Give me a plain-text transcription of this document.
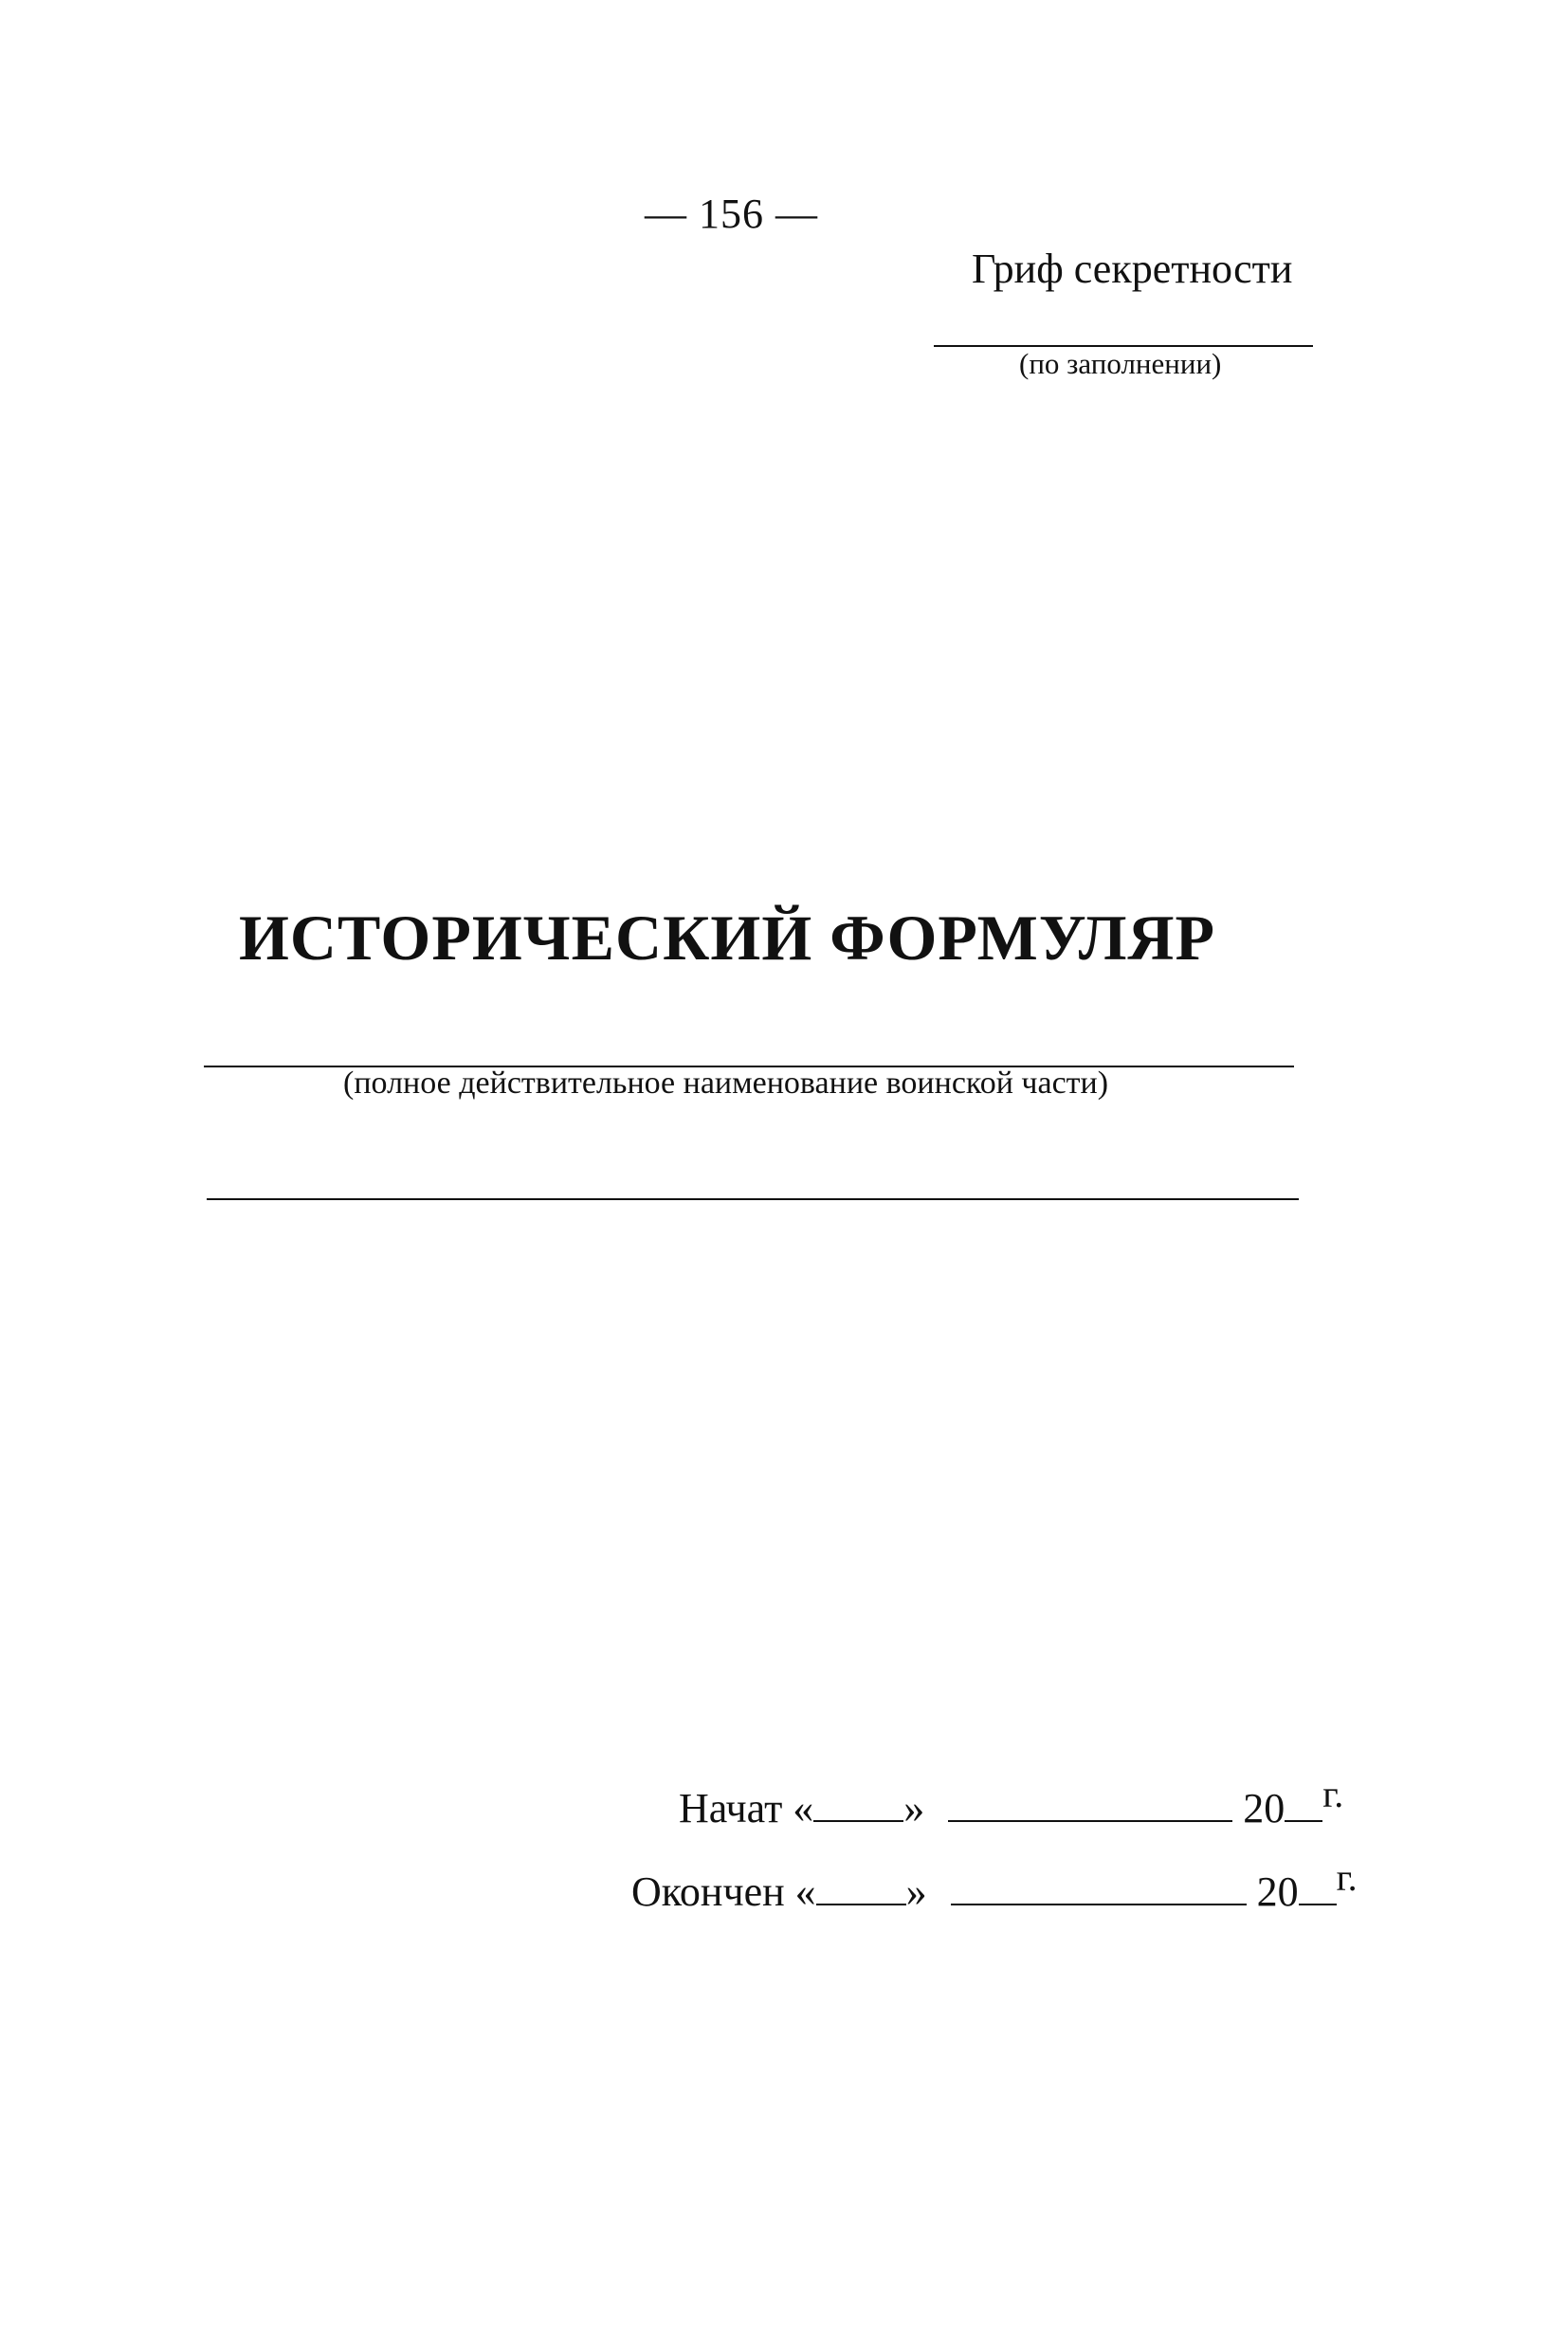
— 156 —
Гриф секретности
(по заполнении)
ИСТОРИЧЕСКИЙ ФОРМУЛЯР
(полное действительное наименование воинской части)
Начат « »	20 г.
Окончен « »	20 г.
